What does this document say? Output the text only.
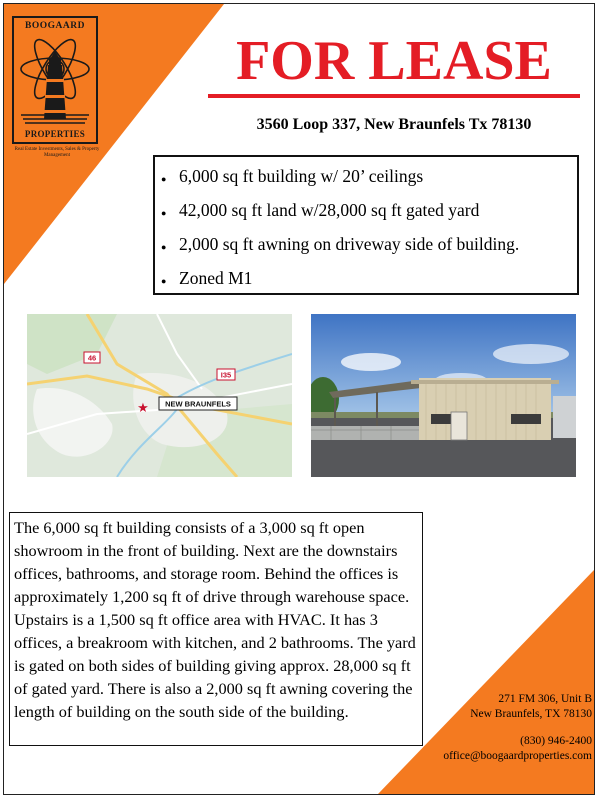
BOOGAARD
PROPERTIES
Real Estate Investments, Sales & Property Management
FOR LEASE
3560 Loop 337, New Braunfels Tx 78130
● 6,000 sq ft building w/ 20’ ceilings
● 42,000 sq ft land w/28,000 sq ft gated yard
● 2,000 sq ft awning on driveway side of building.
● Zoned M1
46
I35
NEW BRAUNFELS
★
The 6,000 sq ft building consists of a 3,000 sq ft open showroom in the front of building. Next are the downstairs offices, bathrooms, and storage room. Behind the offices is approximately 1,200 sq ft of drive through warehouse space. Upstairs is a 1,500 sq ft office area with HVAC. It has 3 offices, a breakroom with kitchen, and 2 bathrooms. The yard is gated on both sides of building giving approx. 28,000 sq ft of gated yard. There is also a 2,000 sq ft awning covering the length of building on the south side of the building.
271 FM 306, Unit B
New Braunfels, TX 78130
(830) 946-2400
office@boogaardproperties.com
